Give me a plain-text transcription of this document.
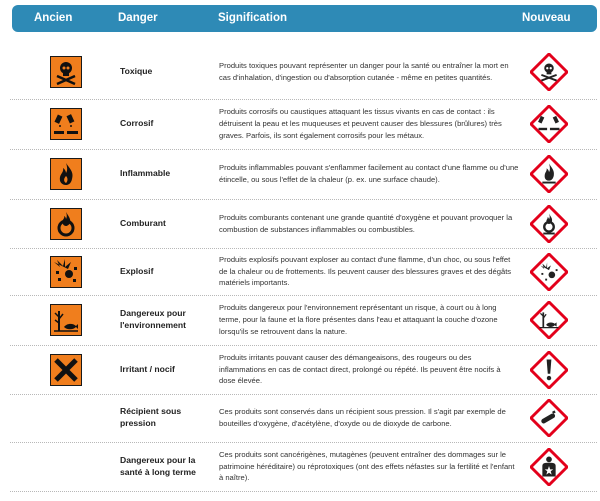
Ancien	Danger	Signification	Nouveau
Toxique
Produits toxiques pouvant représenter un danger pour la santé ou entraîner la mort en cas d'inhalation, d'ingestion ou d'absorption cutanée - même en petites quantités.
Corrosif
Produits corrosifs ou caustiques attaquant les tissus vivants en cas de contact : ils détruisent la peau et les muqueuses et peuvent causer des blessures (brûlures) très graves. Parfois, ils sont également corrosifs pour les métaux.
Inflammable
Produits inflammables pouvant s'enflammer facilement au contact d'une flamme ou d'une étincelle, ou sous l'effet de la chaleur (p. ex. une surface chaude).
Comburant
Produits comburants contenant une grande quantité d'oxygène et pouvant provoquer la combustion de substances inflammables ou combustibles.
Explosif
Produits explosifs pouvant exploser au contact d'une flamme, d'un choc, ou sous l'effet de la chaleur ou de frottements. Ils peuvent causer des blessures graves et des dégâts matériels importants.
Dangereux pour l'environnement
Produits dangereux pour l'environnement représentant un risque, à court ou à long terme, pour la faune et la flore présentes dans l'eau et attaquant la couche d'ozone lorsqu'ils se retrouvent dans la nature.
Irritant / nocif
Produits irritants pouvant causer des démangeaisons, des rougeurs ou des inflammations en cas de contact direct, prolongé ou répété. Ils peuvent être nocifs à dose élevée.
Récipient sous pression
Ces produits sont conservés dans un récipient sous pression. Il s'agit par exemple de bouteilles d'oxygène, d'acétylène, d'oxyde ou de dioxyde de carbone.
Dangereux pour la santé à long terme
Ces produits sont cancérigènes, mutagènes (peuvent entraîner des dommages sur le patrimoine héréditaire) ou réprotoxiques (ont des effets néfastes sur la fertilité et l'enfant à naître).
